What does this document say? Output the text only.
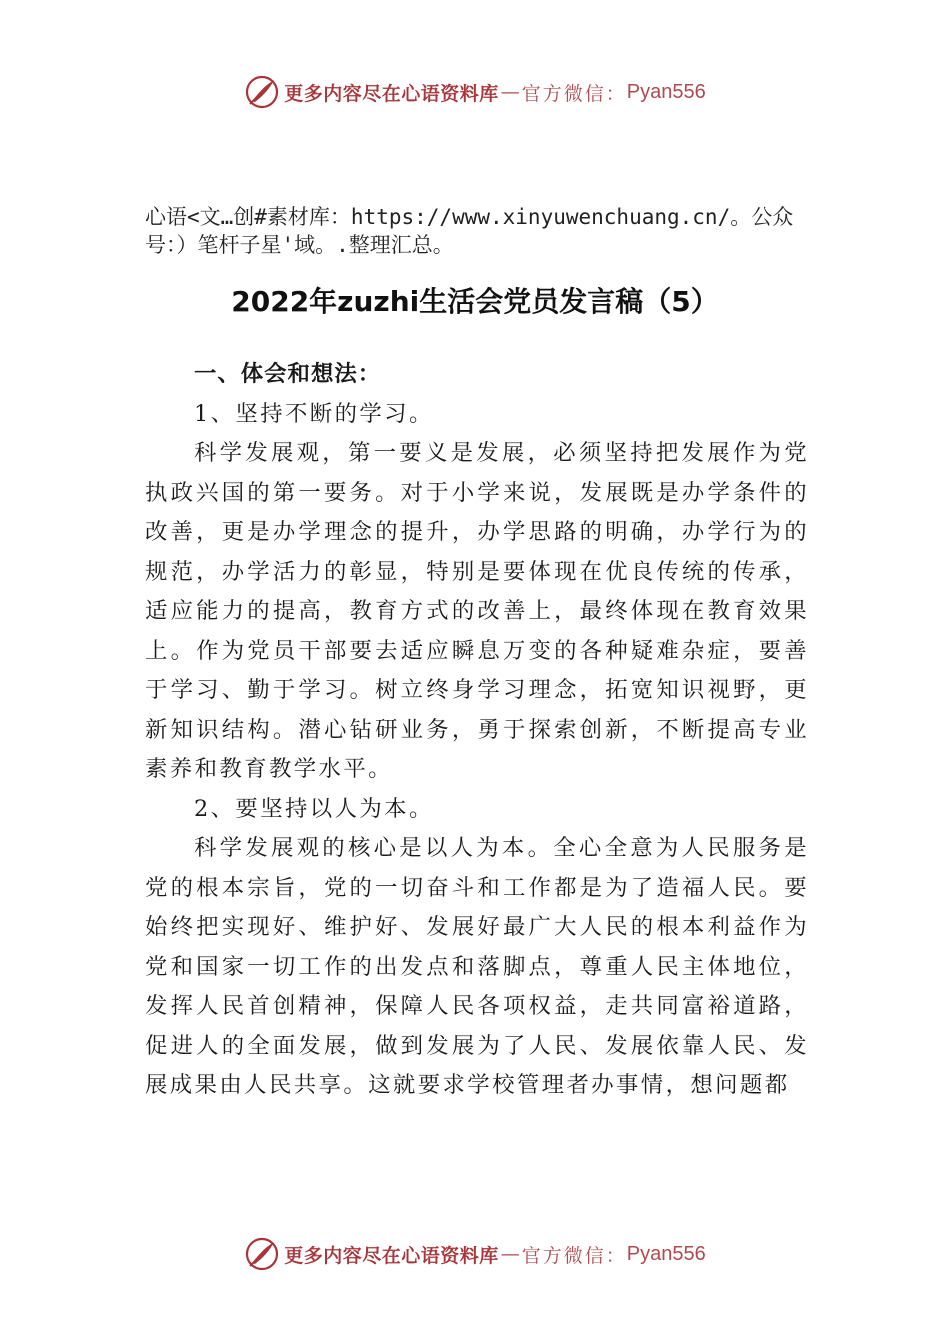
更多内容尽在心语资料库 — 官方微信： Pyan556
心语<文…创#素材库：https://www.xinyuwenchuang.cn/。公众号：）笔杆子星'域。.整理汇总。
2022年zuzhi生活会党员发言稿（5）

一、体会和想法：

1、坚持不断的学习。

科学发展观，第一要义是发展，必须坚持把发展作为党执政兴国的第一要务。对于小学来说，发展既是办学条件的改善，更是办学理念的提升，办学思路的明确，办学行为的规范，办学活力的彰显，特别是要体现在优良传统的传承，适应能力的提高，教育方式的改善上，最终体现在教育效果上。作为党员干部要去适应瞬息万变的各种疑难杂症，要善于学习、勤于学习。树立终身学习理念，拓宽知识视野，更新知识结构。潜心钻研业务，勇于探索创新，不断提高专业素养和教育教学水平。

2、要坚持以人为本。

科学发展观的核心是以人为本。全心全意为人民服务是党的根本宗旨，党的一切奋斗和工作都是为了造福人民。要始终把实现好、维护好、发展好最广大人民的根本利益作为党和国家一切工作的出发点和落脚点，尊重人民主体地位，发挥人民首创精神，保障人民各项权益，走共同富裕道路，促进人的全面发展，做到发展为了人民、发展依靠人民、发展成果由人民共享。这就要求学校管理者办事情，想问题都

更多内容尽在心语资料库 — 官方微信： Pyan556
